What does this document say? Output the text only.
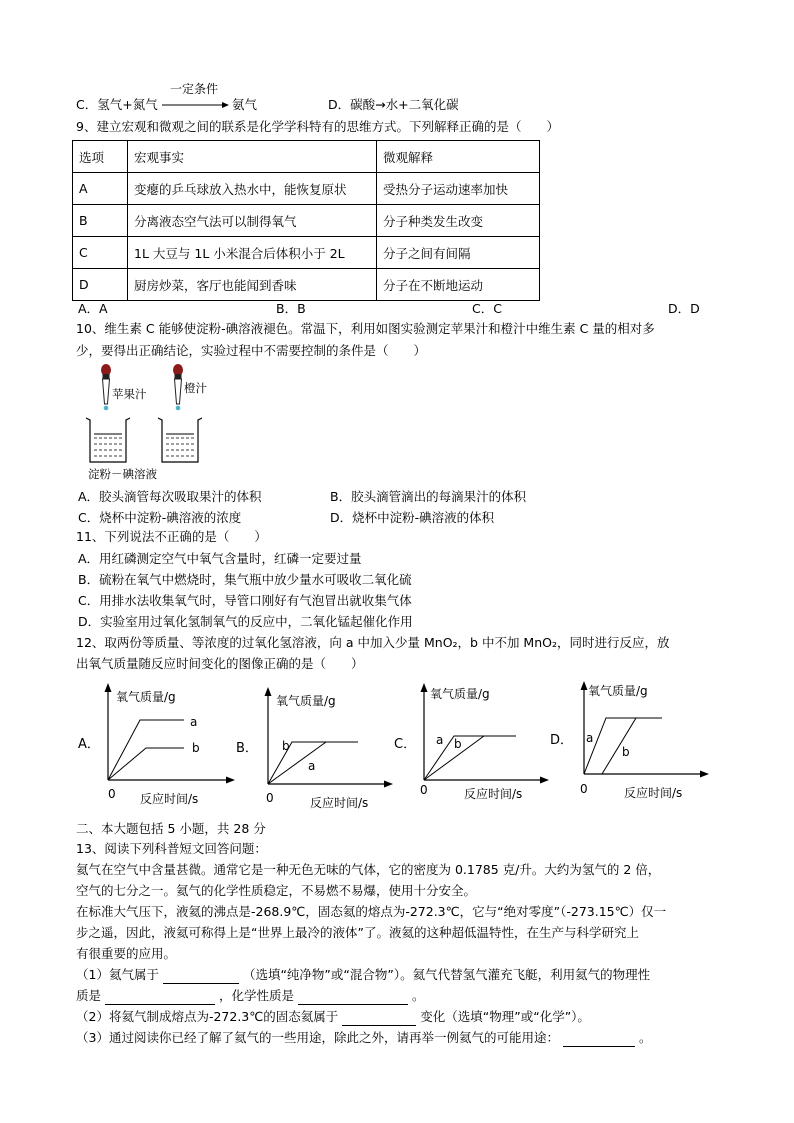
C．氢气+氮气
一定条件
氨气	D．碳酸→水+二氧化碳
9、建立宏观和微观之间的联系是化学学科特有的思维方式。下列解释正确的是（　　）
选项	宏观事实	微观解释
A	变瘪的乒乓球放入热水中，能恢复原状	受热分子运动速率加快
B	分离液态空气法可以制得氧气	分子种类发生改变
C	1L 大豆与 1L 小米混合后体积小于 2L	分子之间有间隔
D	厨房炒菜，客厅也能闻到香味	分子在不断地运动
A．A	B．B	C．C	D．D
10、维生素 C 能够使淀粉-碘溶液褪色。常温下，利用如图实验测定苹果汁和橙汁中维生素 C 量的相对多
少，要得出正确结论，实验过程中不需要控制的条件是（　　）
苹果汁	橙汁
淀粉－碘溶液
A．胶头滴管每次吸取果汁的体积	B．胶头滴管滴出的每滴果汁的体积
C．烧杯中淀粉-碘溶液的浓度	D．烧杯中淀粉-碘溶液的体积
11、下列说法不正确的是（　　）
A．用红磷测定空气中氧气含量时，红磷一定要过量
B．硫粉在氧气中燃烧时，集气瓶中放少量水可吸收二氧化硫
C．用排水法收集氧气时，导管口刚好有气泡冒出就收集气体
D．实验室用过氧化氢制氧气的反应中，二氧化锰起催化作用
12、取两份等质量、等浓度的过氧化氢溶液，向 a 中加入少量 MnO₂，b 中不加 MnO₂，同时进行反应，放
出氧气质量随反应时间变化的图像正确的是（　　）
A．
氧气质量/g
反应时间/s
0
a
b	B．
氧气质量/g
反应时间/s
0
a
b	C．
氧气质量/g
反应时间/s
0
a b	D．
氧气质量/g
反应时间/s
0
a
b
二、本大题包括 5 小题，共 28 分
13、阅读下列科普短文回答问题：
氦气在空气中含量甚微。通常它是一种无色无味的气体，它的密度为 0.1785 克/升。大约为氢气的 2 倍，
空气的七分之一。氦气的化学性质稳定，不易燃不易爆，使用十分安全。
在标准大气压下，液氦的沸点是-268.9℃，固态氦的熔点为-272.3℃，它与“绝对零度”（-273.15℃）仅一
步之遥，因此，液氦可称得上是“世界上最冷的液体”了。液氦的这种超低温特性，在生产与科学研究上
有很重要的应用。
（1）氦气属于	（选填“纯净物”或“混合物”）。氦气代替氢气灌充飞艇，利用氦气的物理性
质是	，化学性质是	。
（2）将氦气制成熔点为-272.3℃的固态氦属于	变化（选填“物理”或“化学”）。
（3）通过阅读你已经了解了氦气的一些用途，除此之外，请再举一例氦气的可能用途：	。
